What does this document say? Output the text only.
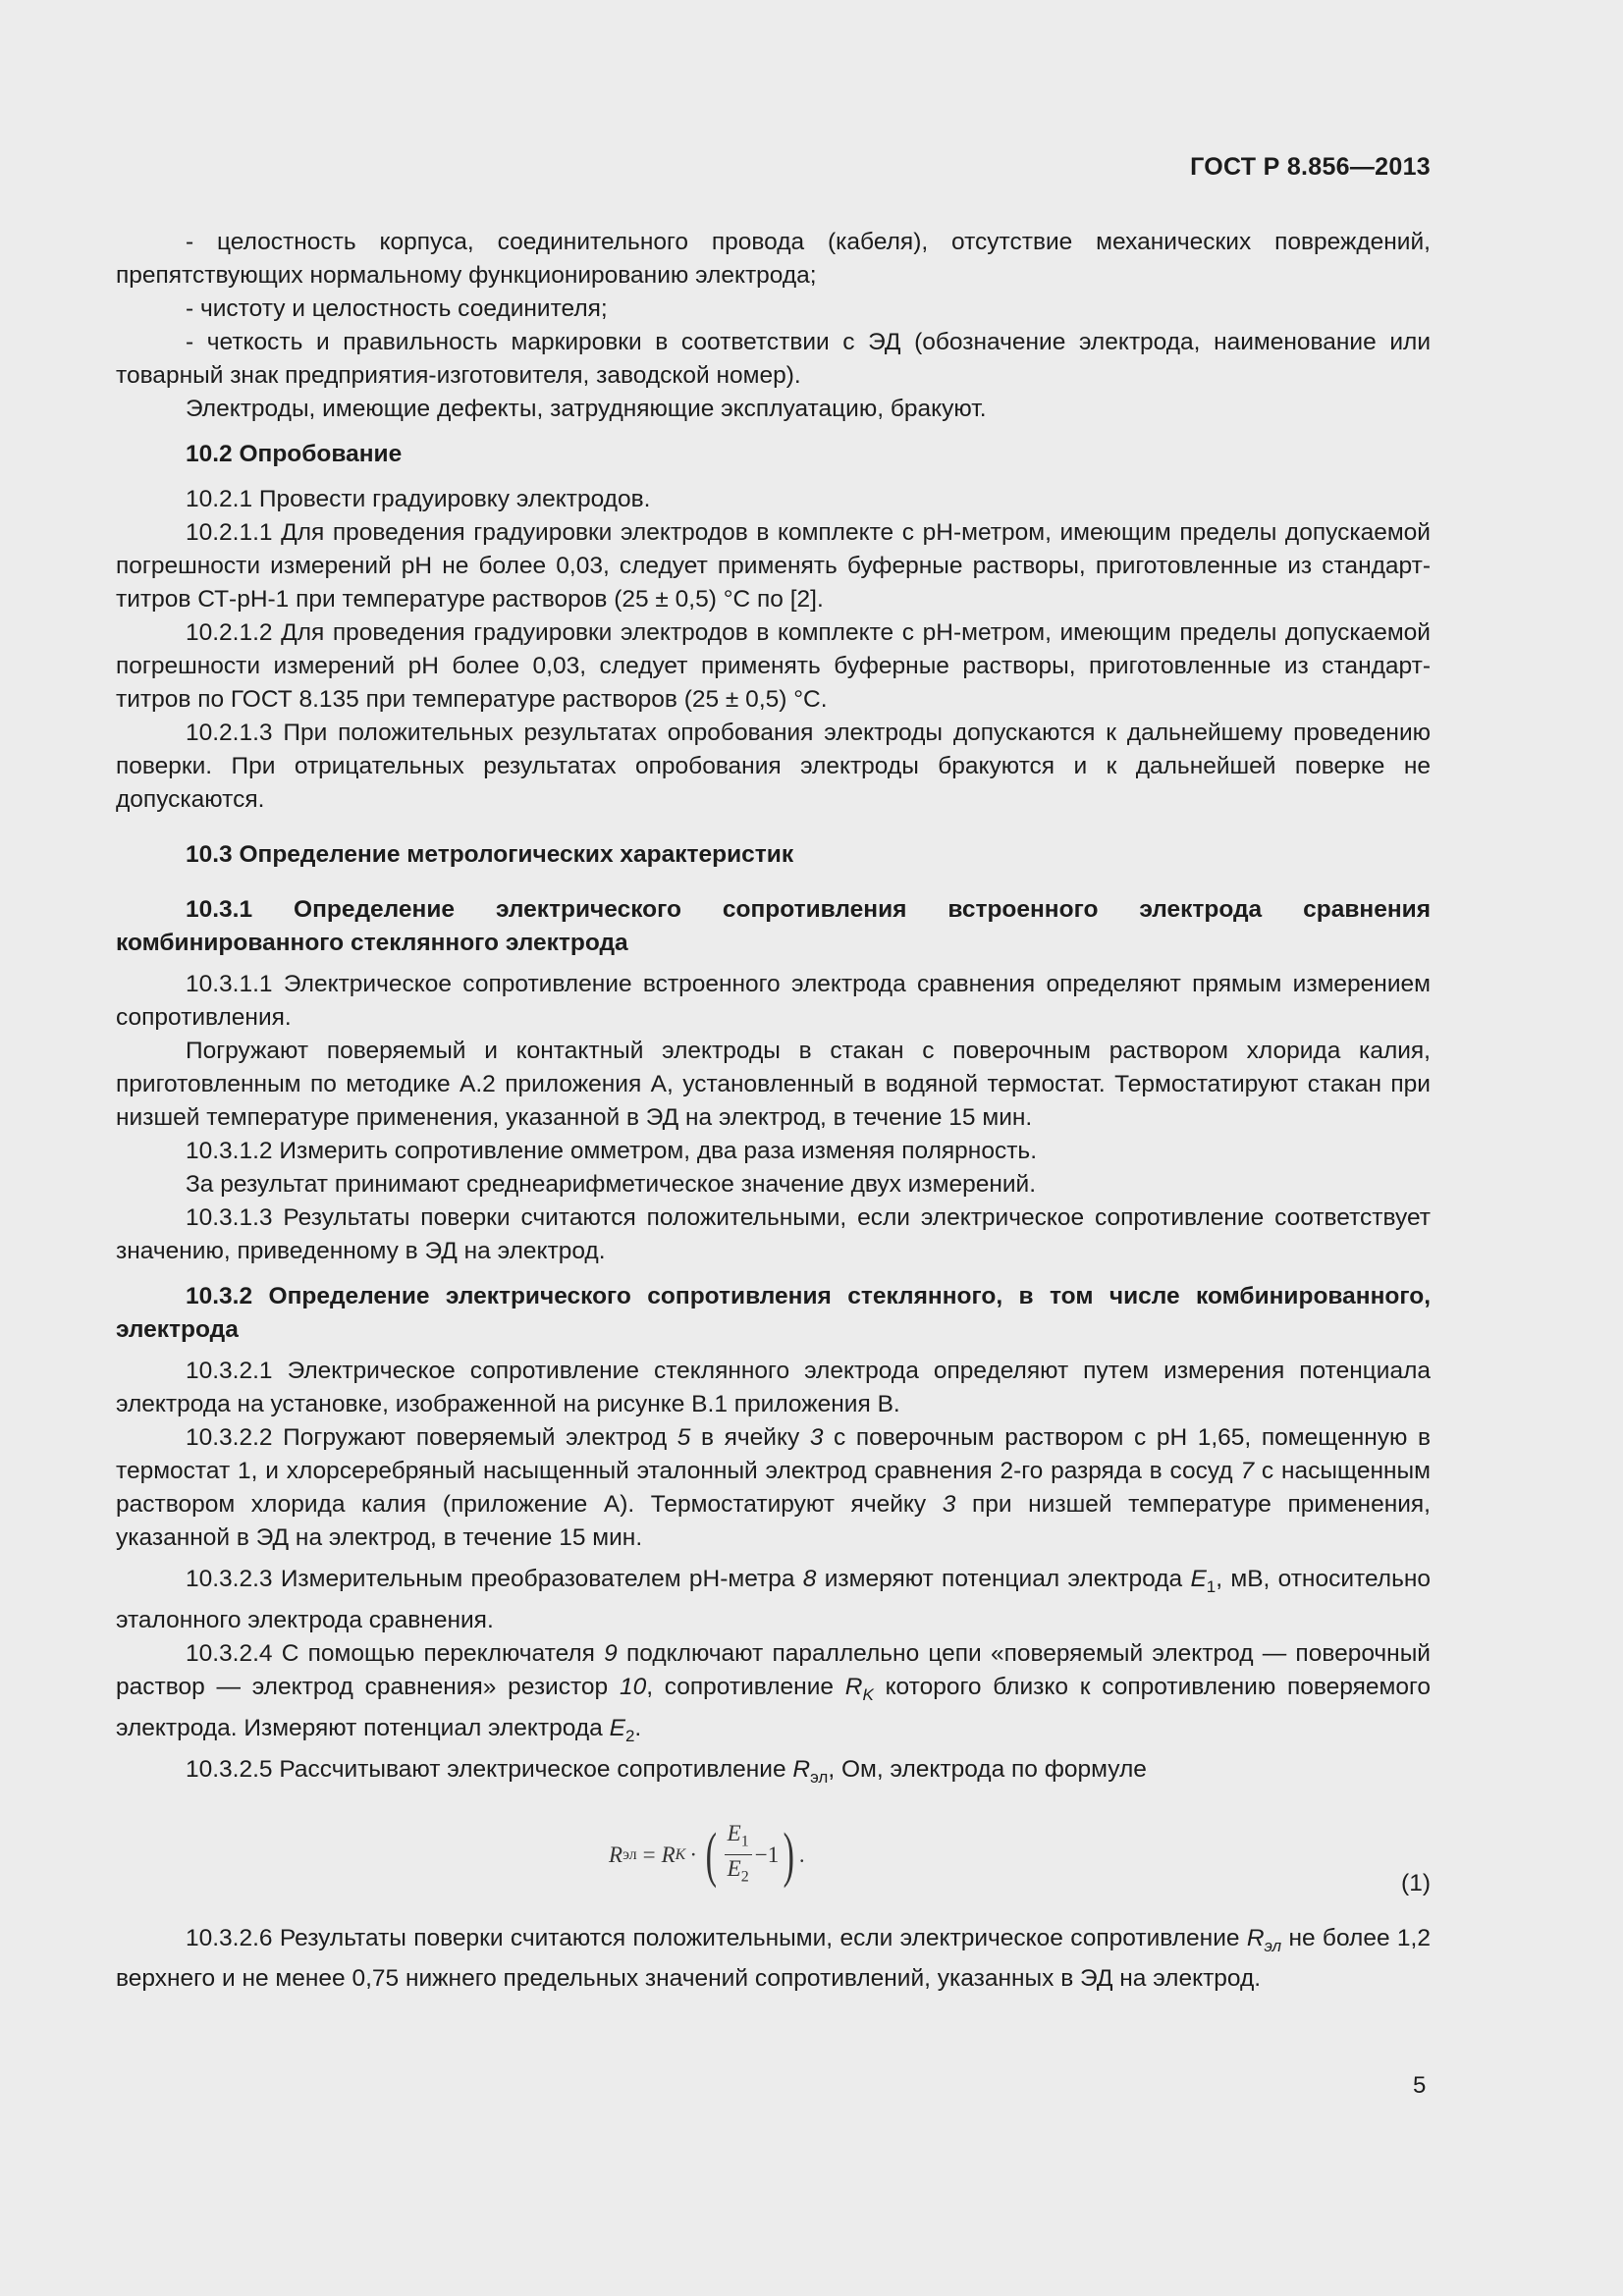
ГОСТ Р 8.856—2013

- целостность корпуса, соединительного провода (кабеля), отсутствие механических повреждений, препятствующих нормальному функционированию электрода;

- чистоту и целостность соединителя;

- четкость и правильность маркировки в соответствии с ЭД (обозначение электрода, наименование или товарный знак предприятия-изготовителя, заводской номер).

Электроды, имеющие дефекты, затрудняющие эксплуатацию, бракуют.

10.2 Опробование

10.2.1 Провести градуировку электродов.

10.2.1.1 Для проведения градуировки электродов в комплекте с рН-метром, имеющим пределы допускаемой погрешности измерений рН не более 0,03, следует применять буферные растворы, приготовленные из стандарт-титров СТ-рН-1 при температуре растворов (25 ± 0,5) °С по [2].

10.2.1.2 Для проведения градуировки электродов в комплекте с рН-метром, имеющим пределы допускаемой погрешности измерений рН более 0,03, следует применять буферные растворы, приготовленные из стандарт-титров по ГОСТ 8.135 при температуре растворов (25 ± 0,5) °С.

10.2.1.3 При положительных результатах опробования электроды допускаются к дальнейшему проведению поверки. При отрицательных результатах опробования электроды бракуются и к дальнейшей поверке не допускаются.

10.3 Определение метрологических характеристик

10.3.1 Определение электрического сопротивления встроенного электрода сравнения комбинированного стеклянного электрода

10.3.1.1 Электрическое сопротивление встроенного электрода сравнения определяют прямым измерением сопротивления.

Погружают поверяемый и контактный электроды в стакан с поверочным раствором хлорида калия, приготовленным по методике А.2 приложения А, установленный в водяной термостат. Термостатируют стакан при низшей температуре применения, указанной в ЭД на электрод, в течение 15 мин.

10.3.1.2 Измерить сопротивление омметром, два раза изменяя полярность.

За результат принимают среднеарифметическое значение двух измерений.

10.3.1.3 Результаты поверки считаются положительными, если электрическое сопротивление соответствует значению, приведенному в ЭД на электрод.

10.3.2 Определение электрического сопротивления стеклянного, в том числе комбинированного, электрода

10.3.2.1 Электрическое сопротивление стеклянного электрода определяют путем измерения потенциала электрода на установке, изображенной на рисунке В.1 приложения В.

10.3.2.2 Погружают поверяемый электрод 5 в ячейку 3 с поверочным раствором с рН 1,65, помещенную в термостат 1, и хлорсеребряный насыщенный эталонный электрод сравнения 2-го разряда в сосуд 7 с насыщенным раствором хлорида калия (приложение А). Термостатируют ячейку 3 при низшей температуре применения, указанной в ЭД на электрод, в течение 15 мин.

10.3.2.3 Измерительным преобразователем рН-метра 8 измеряют потенциал электрода $E_1$, мВ, относительно эталонного электрода сравнения.

10.3.2.4 С помощью переключателя 9 подключают параллельно цепи «поверяемый электрод — поверочный раствор — электрод сравнения» резистор 10, сопротивление $R_K$ которого близко к сопротивлению поверяемого электрода. Измеряют потенциал электрода $E_2$.

10.3.2.5 Рассчитывают электрическое сопротивление $R_{эл}$, Ом, электрода по формуле

R эл = R K · ( $\frac{E_1}{E_2} -1$ ) .
(1)

10.3.2.6 Результаты поверки считаются положительными, если электрическое сопротивление $R_{эл}$ не более 1,2 верхнего и не менее 0,75 нижнего предельных значений сопротивлений, указанных в ЭД на электрод.

5
